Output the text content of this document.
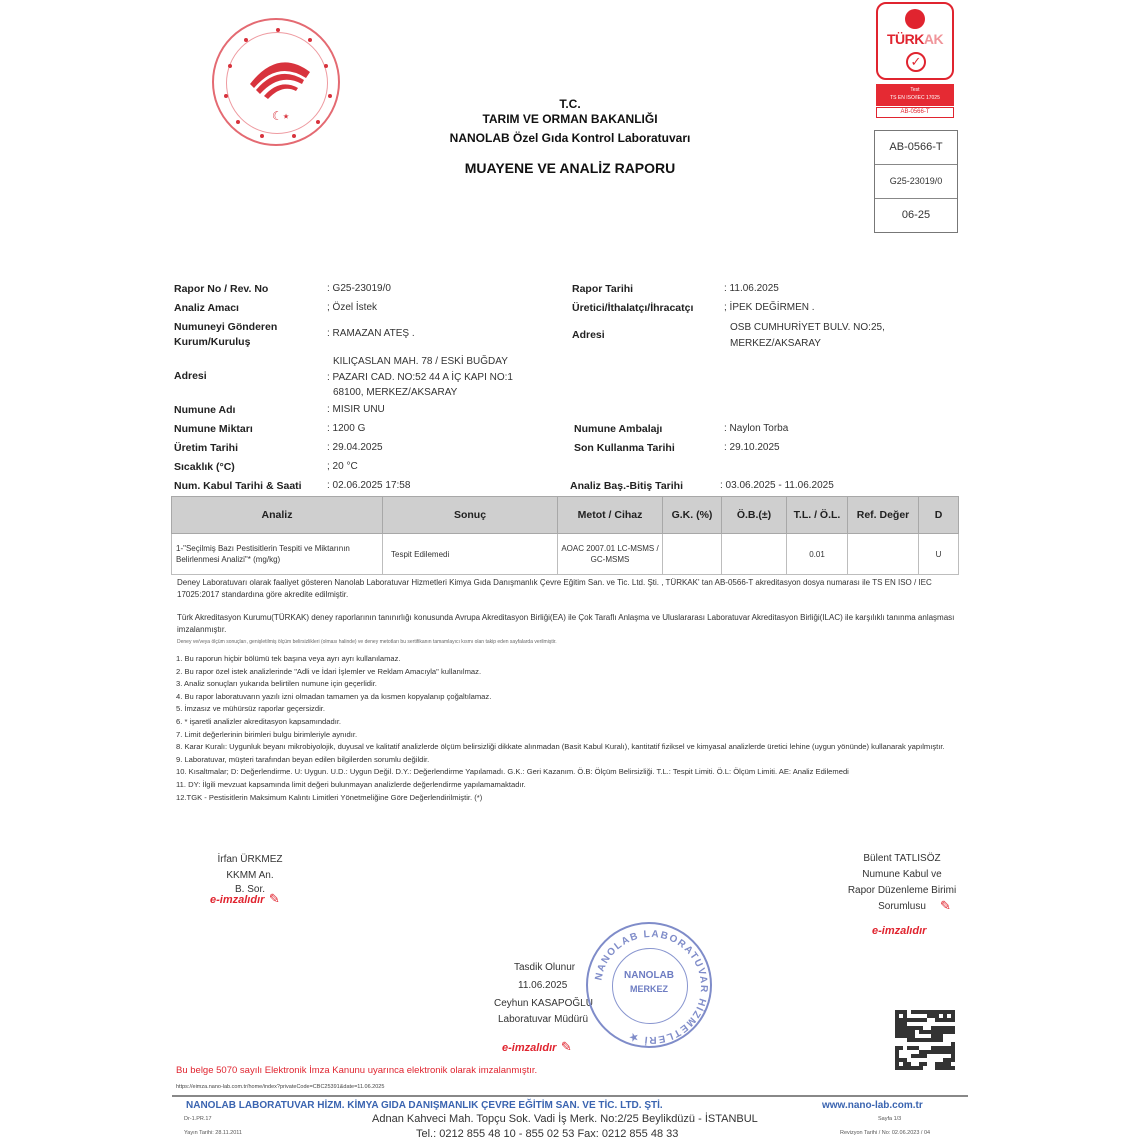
☾٭
T.C.
TARIM VE ORMAN BAKANLIĞI
NANOLAB Özel Gıda Kontrol Laboratuvarı
MUAYENE VE ANALİZ RAPORU
TÜRKAK
✓
Test
TS EN ISO/IEC 17025
AB-0566-T
AB-0566-T
G25-23019/0
06-25
Rapor No / Rev. No	: G25-23019/0
Analiz Amacı	; Özel İstek
Numuneyi Gönderen Kurum/Kuruluş
: RAMAZAN ATEŞ .
Adresi
KILIÇASLAN MAH. 78 / ESKİ BUĞDAY
: PAZARI CAD. NO:52 44 A İÇ KAPI NO:1
68100, MERKEZ/AKSARAY
Numune Adı	: MISIR UNU
Numune Miktarı	: 1200 G
Üretim Tarihi	: 29.04.2025
Sıcaklık (°C)	; 20 °C
Num. Kabul Tarihi & Saati	: 02.06.2025 17:58
Rapor Tarihi	: 11.06.2025
Üretici/İthalatçı/İhracatçı	; İPEK DEĞİRMEN .
Adresi
OSB CUMHURİYET BULV. NO:25,
MERKEZ/AKSARAY
Numune Ambalajı	: Naylon Torba
Son Kullanma Tarihi	: 29.10.2025
Analiz Baş.-Bitiş Tarihi	: 03.06.2025 - 11.06.2025
Analiz	Sonuç	Metot / Cihaz	G.K. (%)	Ö.B.(±)	T.L. / Ö.L.	Ref. Değer	D
1-"Seçilmiş Bazı Pestisitlerin Tespiti ve Miktarının Belirlenmesi Analizi"* (mg/kg)	Tespit Edilemedi	AOAC 2007.01 LC-MSMS / GC-MSMS			0.01		U
Deney Laboratuvarı olarak faaliyet gösteren Nanolab Laboratuvar Hizmetleri Kimya Gıda Danışmanlık Çevre Eğitim San. ve Tic. Ltd. Şti. , TÜRKAK' tan AB-0566-T akreditasyon dosya numarası ile TS EN ISO / IEC 17025:2017 standardına göre akredite edilmiştir.
Türk Akreditasyon Kurumu(TÜRKAK) deney raporlarının tanınırlığı konusunda Avrupa Akreditasyon Birliği(EA) ile Çok Taraflı Anlaşma ve Uluslararası Laboratuvar Akreditasyon Birliği(ILAC) ile karşılıklı tanınma anlaşması imzalanmıştır.
Deney ve/veya ölçüm sonuçları, genişletilmiş ölçüm belirsizlikleri (olması halinde) ve deney metotları bu sertifikanın tamamlayıcı kısmı olan takip eden sayfalarda verilmiştir.
1. Bu raporun hiçbir bölümü tek başına veya ayrı ayrı kullanılamaz.
2. Bu rapor özel istek analizlerinde "Adli ve İdari İşlemler ve Reklam Amacıyla" kullanılmaz.
3. Analiz sonuçları yukarıda belirtilen numune için geçerlidir.
4. Bu rapor laboratuvarın yazılı izni olmadan tamamen ya da kısmen kopyalanıp çoğaltılamaz.
5. İmzasız ve mühürsüz raporlar geçersizdir.
6. * işaretli analizler akreditasyon kapsamındadır.
7. Limit değerlerinin birimleri bulgu birimleriyle aynıdır.
8. Karar Kuralı: Uygunluk beyanı mikrobiyolojik, duyusal ve kalitatif analizlerde ölçüm belirsizliği dikkate alınmadan (Basit Kabul Kuralı), kantitatif fiziksel ve kimyasal analizlerde üretici lehine (uygun yönünde) kullanarak yapılmıştır.
9. Laboratuvar, müşteri tarafından beyan edilen bilgilerden sorumlu değildir.
10. Kısaltmalar; D: Değerlendirme. U: Uygun. U.D.: Uygun Değil. D.Y.: Değerlendirme Yapılamadı. G.K.: Geri Kazanım. Ö.B: Ölçüm Belirsizliği. T.L.: Tespit Limiti. Ö.L: Ölçüm Limiti. AE: Analiz Edilemedi
11. DY: İlgili mevzuat kapsamında limit değeri bulunmayan analizlerde değerlendirme yapılamamaktadır.
12.TGK - Pestisitlerin Maksimum Kalıntı Limitleri Yönetmeliğine Göre Değerlendirilmiştir. (*)
İrfan ÜRKMEZ
KKMM An.
B. Sor.
e-imzalıdır ✎
Bülent TATLISÖZ
Numune Kabul ve
Rapor Düzenleme Birimi
Sorumlusu	✎
e-imzalıdır
Tasdik Olunur
11.06.2025
Ceyhun KASAPOĞLU
Laboratuvar Müdürü
e-imzalıdır ✎
NANOLAB LABORATUVAR HİZMETLERİ ★
NANOLAB
MERKEZ
Bu belge 5070 sayılı Elektronik İmza Kanunu uyarınca elektronik olarak imzalanmıştır.
https://eimza.nano-lab.com.tr/home/index?privateCode=CBC25391&date=11.06.2025
NANOLAB LABORATUVAR HİZM. KİMYA GIDA DANIŞMANLIK ÇEVRE EĞİTİM SAN. VE TİC. LTD. ŞTİ.	www.nano-lab.com.tr
Dr-1.PR.17
Yayın Tarihi: 28.11.2011
Adnan Kahveci Mah. Topçu Sok. Vadi İş Merk. No:2/25 Beylikdüzü - İSTANBUL
Tel.: 0212 855 48 10 - 855 02 53 Fax: 0212 855 48 33
Sayfa 1/3
Revizyon Tarihi / No: 02.06.2023 / 04
